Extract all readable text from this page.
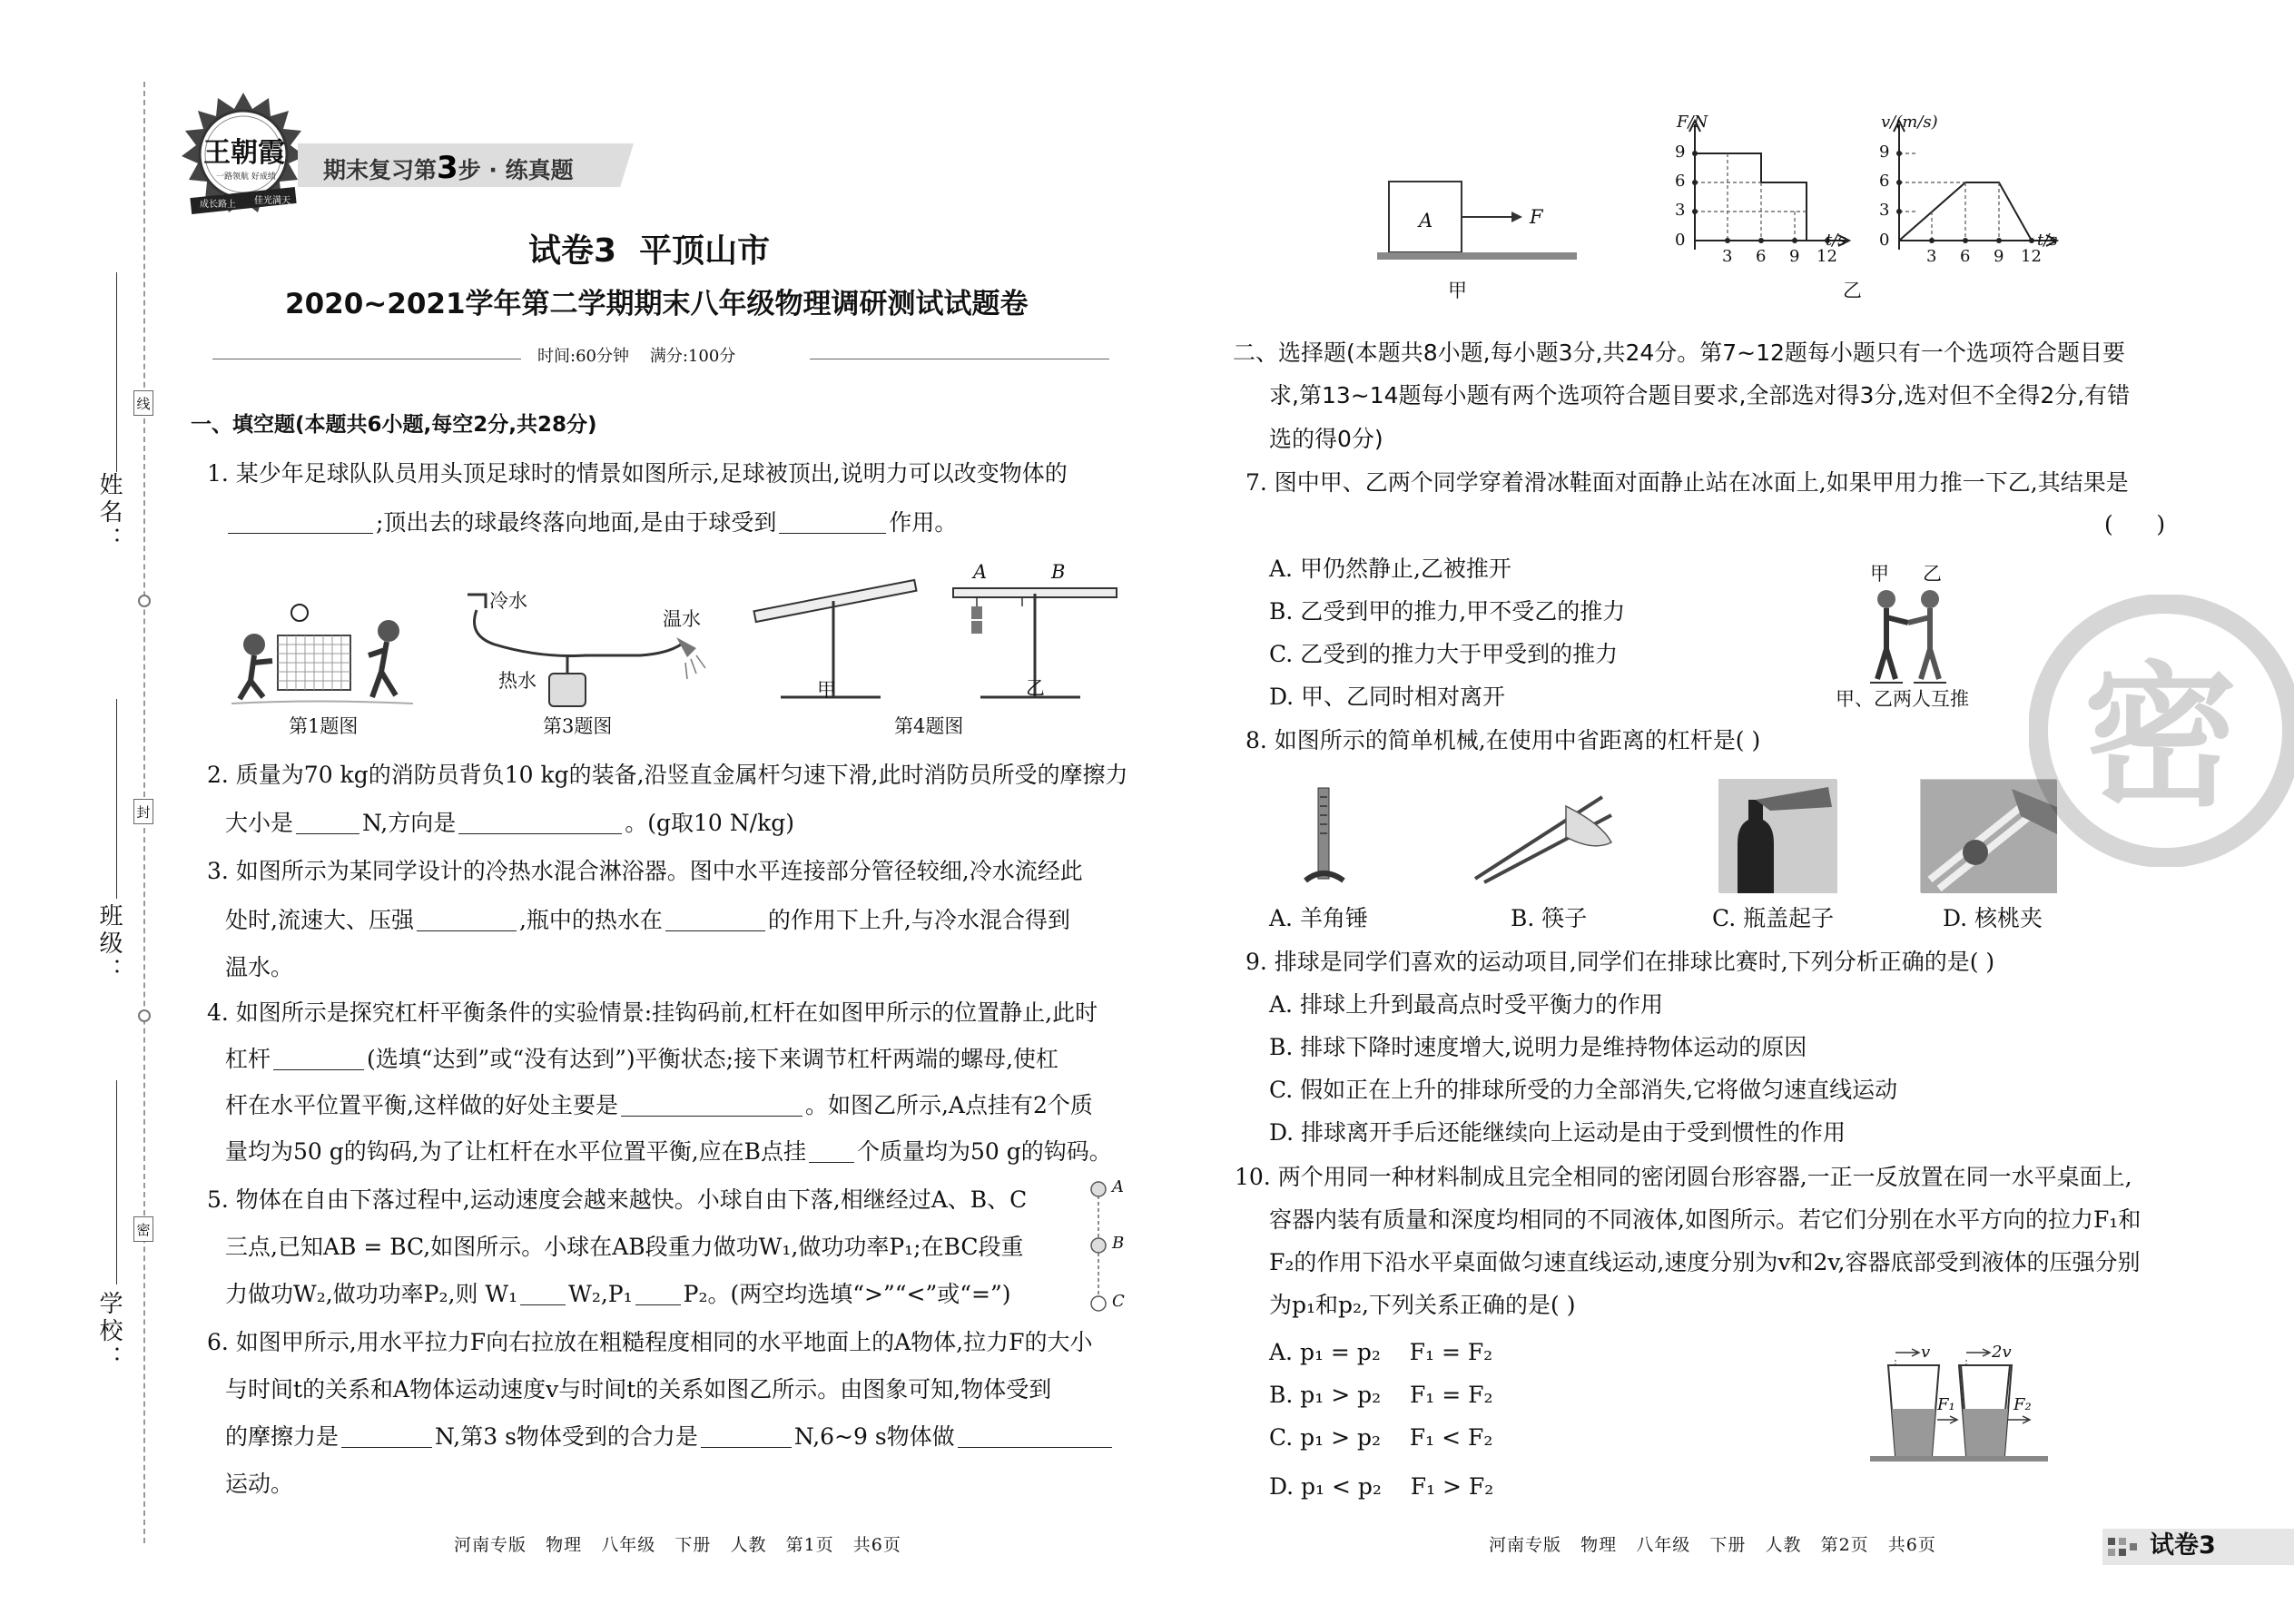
线
封
密
姓名：
班级：
学校：
王朝霞
一路领航 好成绩
成长路上 佳光满天
期末复习第3步 · 练真题
试卷3  平顶山市
2020~2021学年第二学期期末八年级物理调研测试试题卷
时间:60分钟    满分:100分
一、填空题(本题共6小题,每空2分,共28分)
1. 某少年足球队队员用头顶足球时的情景如图所示,足球被顶出,说明力可以改变物体的
;顶出去的球最终落向地面,是由于球受到	作用。
第1题图
冷水
温水
热水
第3题图
甲
A	B
乙
第4题图
2. 质量为70 kg的消防员背负10 kg的装备,沿竖直金属杆匀速下滑,此时消防员所受的摩擦力
大小是	N,方向是	。(g取10 N/kg)
3. 如图所示为某同学设计的冷热水混合淋浴器。图中水平连接部分管径较细,冷水流经此
处时,流速大、压强	,瓶中的热水在	的作用下上升,与冷水混合得到
温水。
4. 如图所示是探究杠杆平衡条件的实验情景:挂钩码前,杠杆在如图甲所示的位置静止,此时
杠杆	(选填“达到”或“没有达到”)平衡状态;接下来调节杠杆两端的螺母,使杠
杆在水平位置平衡,这样做的好处主要是	。如图乙所示,A点挂有2个质
量均为50 g的钩码,为了让杠杆在水平位置平衡,应在B点挂 个质量均为50 g的钩码。
5. 物体在自由下落过程中,运动速度会越来越快。小球自由下落,相继经过A、B、C
三点,已知AB = BC,如图所示。小球在AB段重力做功W₁,做功功率P₁;在BC段重
力做功W₂,做功功率P₂,则 W₁ W₂,P₁ P₂。(两空均选填“>”“<”或“=”)
A
B
C
6. 如图甲所示,用水平拉力F向右拉放在粗糙程度相同的水平地面上的A物体,拉力F的大小
与时间t的关系和A物体运动速度v与时间t的关系如图乙所示。由图象可知,物体受到
的摩擦力是	N,第3 s物体受到的合力是	N,6~9 s物体做
运动。
河南专版   物理   八年级   下册   人教   第1页   共6页
A	F
甲
F/N
9
6
3
0
3 6 9 12
t/s
v/(m/s)
9
6
3
0
3 6 9 12
t/s
乙
二、选择题(本题共8小题,每小题3分,共24分。第7~12题每小题只有一个选项符合题目要
求,第13~14题每小题有两个选项符合题目要求,全部选对得3分,选对但不全得2分,有错
选的得0分)
7. 图中甲、乙两个同学穿着滑冰鞋面对面静止站在冰面上,如果甲用力推一下乙,其结果是
(      )
A. 甲仍然静止,乙被推开
B. 乙受到甲的推力,甲不受乙的推力
C. 乙受到的推力大于甲受到的推力
D. 甲、乙同时相对离开
甲 乙
甲、乙两人互推
8. 如图所示的简单机械,在使用中省距离的杠杆是( )
A. 羊角锤	B. 筷子	C. 瓶盖起子	D. 核桃夹
9. 排球是同学们喜欢的运动项目,同学们在排球比赛时,下列分析正确的是( )
A. 排球上升到最高点时受平衡力的作用
B. 排球下降时速度增大,说明力是维持物体运动的原因
C. 假如正在上升的排球所受的力全部消失,它将做匀速直线运动
D. 排球离开手后还能继续向上运动是由于受到惯性的作用
10. 两个用同一种材料制成且完全相同的密闭圆台形容器,一正一反放置在同一水平桌面上,
容器内装有质量和深度均相同的不同液体,如图所示。若它们分别在水平方向的拉力F₁和
F₂的作用下沿水平桌面做匀速直线运动,速度分别为v和2v,容器底部受到液体的压强分别
为p₁和p₂,下列关系正确的是( )
A. p₁ = p₂    F₁ = F₂
B. p₁ > p₂    F₁ = F₂
C. p₁ > p₂    F₁ < F₂
D. p₁ < p₂    F₁ > F₂
v	2v
F₁	F₂
密
河南专版   物理   八年级   下册   人教   第2页   共6页	试卷3
